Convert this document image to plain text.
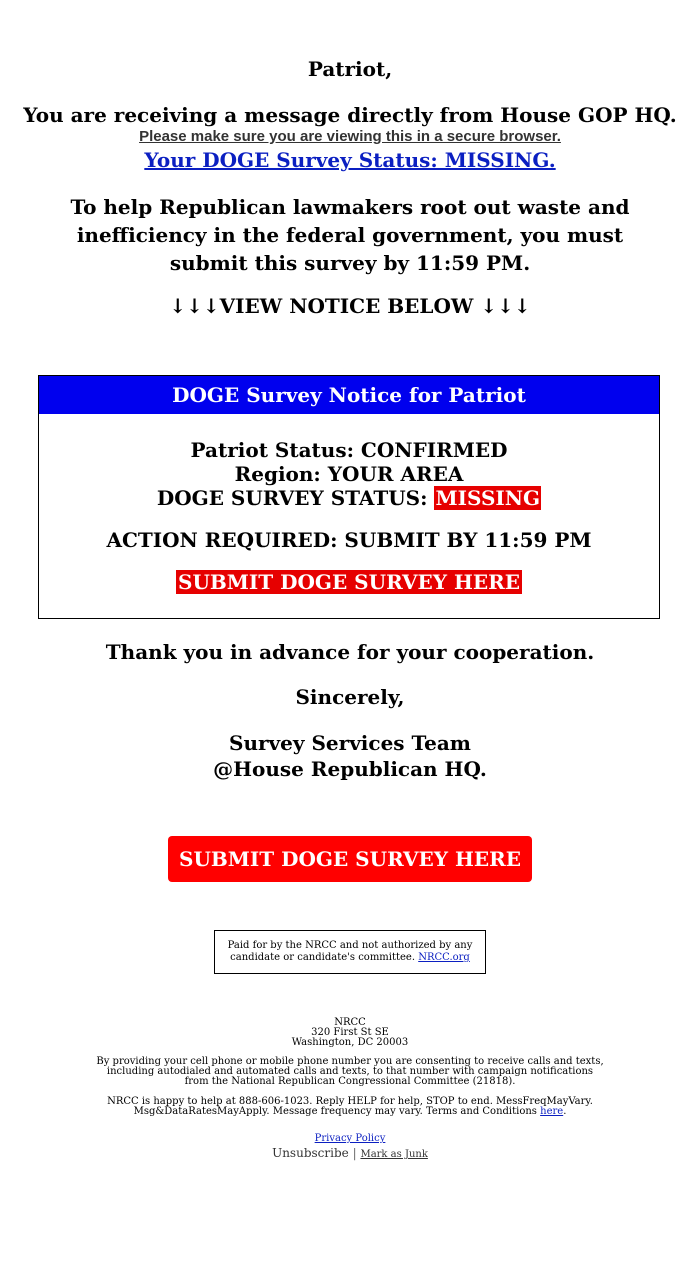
Patriot,
You are receiving a message directly from House GOP HQ.
Please make sure you are viewing this in a secure browser.
Your DOGE Survey Status: MISSING.
To help Republican lawmakers root out waste and inefficiency in the federal government, you must submit this survey by 11:59 PM.
↓↓↓VIEW NOTICE BELOW ↓↓↓
DOGE Survey Notice for Patriot
Patriot Status: CONFIRMED
Region: YOUR AREA
DOGE SURVEY STATUS: MISSING
ACTION REQUIRED: SUBMIT BY 11:59 PM
SUBMIT DOGE SURVEY HERE
Thank you in advance for your cooperation.
Sincerely,
Survey Services Team
@House Republican HQ.
SUBMIT DOGE SURVEY HERE
Paid for by the NRCC and not authorized by any candidate or candidate's committee. NRCC.org
NRCC
320 First St SE
Washington, DC 20003
By providing your cell phone or mobile phone number you are consenting to receive calls and texts, including autodialed and automated calls and texts, to that number with campaign notifications from the National Republican Congressional Committee (21818).
NRCC is happy to help at 888-606-1023. Reply HELP for help, STOP to end. MessFreqMayVary. Msg&DataRatesMayApply. Message frequency may vary. Terms and Conditions here.
Privacy Policy
Unsubscribe | Mark as Junk
